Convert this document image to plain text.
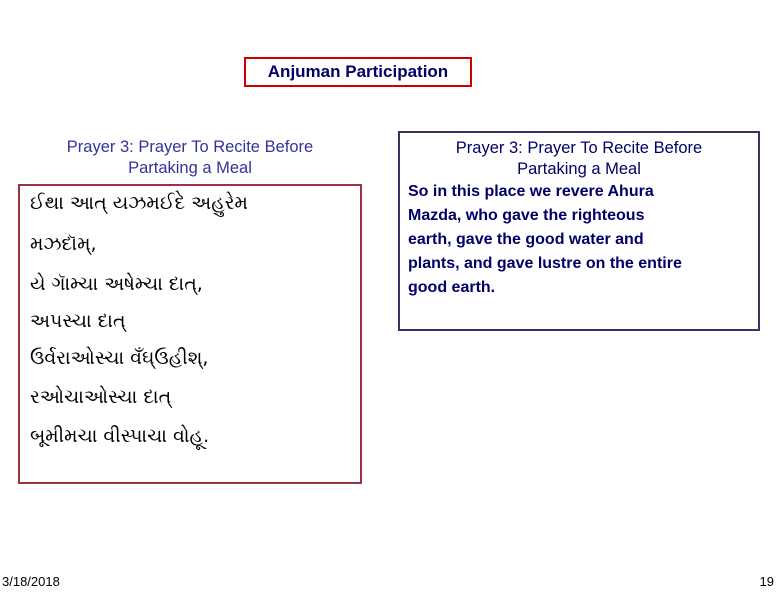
Anjuman Participation
Prayer 3: Prayer To Recite Before
Partaking a Meal
ઈથા આત્ યઝમઈદે અહુરેમ
મઝદૉમ્,
યે ગાૅમ્ચા અષેમ્ચા દાત્,
અપસ્ચા દાત્
ઉર્વરાઓસ્ચા વઁઘ્ઉહીશ્,
રઓચાઓસ્ચા દાત્
બૂમીમચા વીસ્પાચા વોહૂ.
Prayer 3: Prayer To Recite Before
Partaking a Meal
So in this place we revere Ahura
Mazda, who gave the righteous
earth, gave the good water and
plants, and gave lustre on the entire
good earth.
3/18/2018	19
